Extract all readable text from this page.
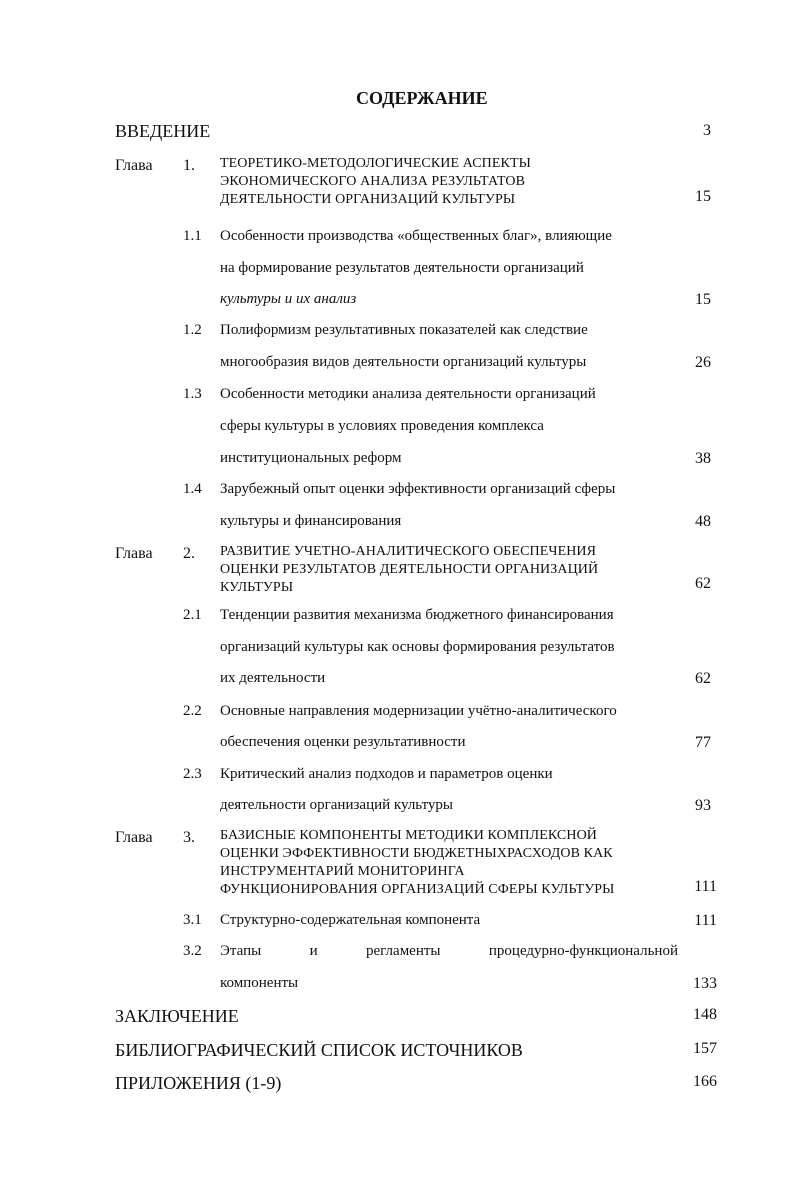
СОДЕРЖАНИЕ
ВВЕДЕНИЕ	3
Глава 1. ТЕОРЕТИКО-МЕТОДОЛОГИЧЕСКИЕ АСПЕКТЫ
ЭКОНОМИЧЕСКОГО АНАЛИЗА РЕЗУЛЬТАТОВ
ДЕЯТЕЛЬНОСТИ ОРГАНИЗАЦИЙ КУЛЬТУРЫ	15
1.1 Особенности производства «общественных благ», влияющие
на формирование результатов деятельности организаций
культуры и их анализ	15
1.2 Полиформизм результативных показателей как следствие
многообразия видов деятельности организаций культуры	26
1.3 Особенности методики анализа деятельности организаций
сферы культуры в условиях проведения комплекса
институциональных реформ	38
1.4 Зарубежный опыт оценки эффективности организаций сферы
культуры и финансирования	48
Глава 2. РАЗВИТИЕ УЧЕТНО-АНАЛИТИЧЕСКОГО ОБЕСПЕЧЕНИЯ
ОЦЕНКИ РЕЗУЛЬТАТОВ ДЕЯТЕЛЬНОСТИ ОРГАНИЗАЦИЙ
КУЛЬТУРЫ	62
2.1 Тенденции развития механизма бюджетного финансирования
организаций культуры как основы формирования результатов
их деятельности	62
2.2 Основные направления модернизации учётно-аналитического
обеспечения оценки результативности	77
2.3 Критический анализ подходов и параметров оценки
деятельности организаций культуры	93
Глава 3. БАЗИСНЫЕ КОМПОНЕНТЫ МЕТОДИКИ КОМПЛЕКСНОЙ
ОЦЕНКИ ЭФФЕКТИВНОСТИ БЮДЖЕТНЫХРАСХОДОВ КАК
ИНСТРУМЕНТАРИЙ МОНИТОРИНГА
ФУНКЦИОНИРОВАНИЯ ОРГАНИЗАЦИЙ СФЕРЫ КУЛЬТУРЫ	111
3.1 Структурно-содержательная компонента	111
3.2 Этапы	и	регламенты	процедурно-функциональной
компоненты	133
ЗАКЛЮЧЕНИЕ	148
БИБЛИОГРАФИЧЕСКИЙ СПИСОК ИСТОЧНИКОВ	157
ПРИЛОЖЕНИЯ (1-9)	166
